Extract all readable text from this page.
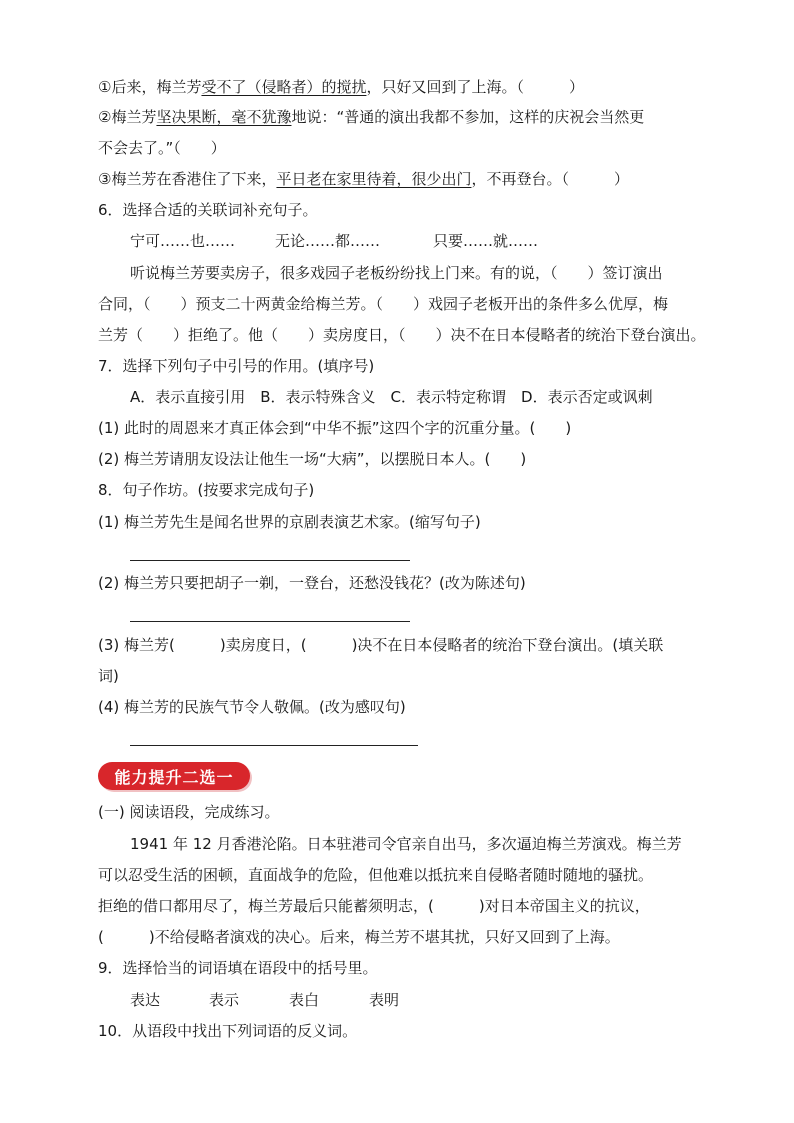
①后来，梅兰芳受不了（侵略者）的搅扰，只好又回到了上海。（　　　）
②梅兰芳坚决果断，毫不犹豫地说：“普通的演出我都不参加，这样的庆祝会当然更
不会去了。”（　　）
③梅兰芳在香港住了下来，平日老在家里待着，很少出门，不再登台。（　　　）
6．选择合适的关联词补充句子。
宁可……也……	无论……都……	只要……就……
听说梅兰芳要卖房子，很多戏园子老板纷纷找上门来。有的说，（　　）签订演出
合同，（　　）预支二十两黄金给梅兰芳。（　　）戏园子老板开出的条件多么优厚，梅
兰芳（　　）拒绝了。他（　　）卖房度日，（　　）决不在日本侵略者的统治下登台演出。
7．选择下列句子中引号的作用。(填序号)
A．表示直接引用　B．表示特殊含义　C．表示特定称谓　D．表示否定或讽刺
(1) 此时的周恩来才真正体会到“中华不振”这四个字的沉重分量。(　　)
(2) 梅兰芳请朋友设法让他生一场“大病”，以摆脱日本人。(　　)
8．句子作坊。(按要求完成句子)
(1) 梅兰芳先生是闻名世界的京剧表演艺术家。(缩写句子)
(2) 梅兰芳只要把胡子一剃，一登台，还愁没钱花？(改为陈述句)
(3) 梅兰芳(　　　)卖房度日，(　　　)决不在日本侵略者的统治下登台演出。(填关联
词)
(4) 梅兰芳的民族气节令人敬佩。(改为感叹句)
能力提升二选一
(一) 阅读语段，完成练习。
1941 年 12 月香港沦陷。日本驻港司令官亲自出马，多次逼迫梅兰芳演戏。梅兰芳
可以忍受生活的困顿，直面战争的危险，但他难以抵抗来自侵略者随时随地的骚扰。
拒绝的借口都用尽了，梅兰芳最后只能蓄须明志，(　　　)对日本帝国主义的抗议，
(　　　)不给侵略者演戏的决心。后来，梅兰芳不堪其扰，只好又回到了上海。
9．选择恰当的词语填在语段中的括号里。
表达	表示	表白	表明
10．从语段中找出下列词语的反义词。
